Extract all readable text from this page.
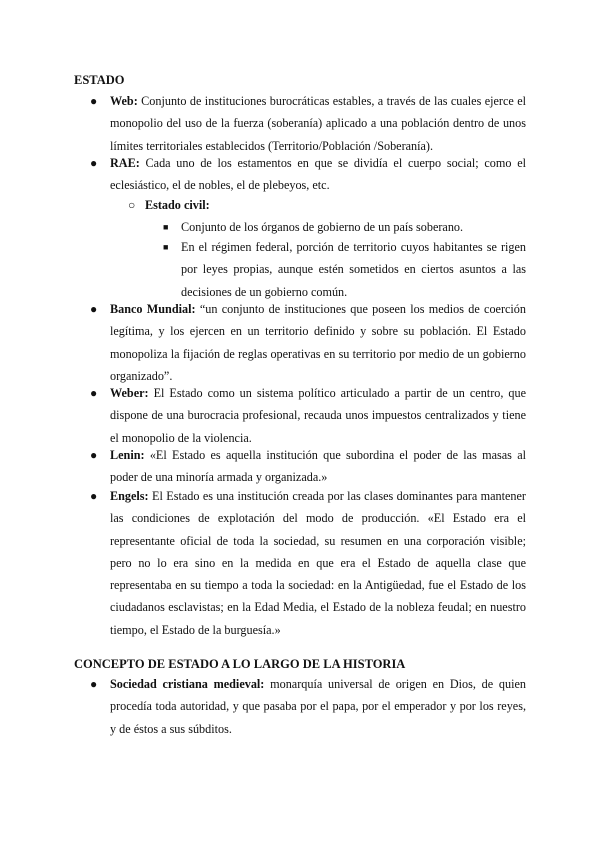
ESTADO
● Web: Conjunto de instituciones burocráticas estables, a través de las cuales ejerce el monopolio del uso de la fuerza (soberanía) aplicado a una población dentro de unos límites territoriales establecidos (Territorio/Población /Soberanía).
● RAE: Cada uno de los estamentos en que se dividía el cuerpo social; como el eclesiástico, el de nobles, el de plebeyos, etc.
○ Estado civil:
■ Conjunto de los órganos de gobierno de un país soberano.
■ En el régimen federal, porción de territorio cuyos habitantes se rigen por leyes propias, aunque estén sometidos en ciertos asuntos a las decisiones de un gobierno común.
● Banco Mundial: “un conjunto de instituciones que poseen los medios de coerción legítima, y los ejercen en un territorio definido y sobre su población. El Estado monopoliza la fijación de reglas operativas en su territorio por medio de un gobierno organizado”.
● Weber: El Estado como un sistema político articulado a partir de un centro, que dispone de una burocracia profesional, recauda unos impuestos centralizados y tiene el monopolio de la violencia.
● Lenin: «El Estado es aquella institución que subordina el poder de las masas al poder de una minoría armada y organizada.»
● Engels: El Estado es una institución creada por las clases dominantes para mantener las condiciones de explotación del modo de producción. «El Estado era el representante oficial de toda la sociedad, su resumen en una corporación visible; pero no lo era sino en la medida en que era el Estado de aquella clase que representaba en su tiempo a toda la sociedad: en la Antigüedad, fue el Estado de los ciudadanos esclavistas; en la Edad Media, el Estado de la nobleza feudal; en nuestro tiempo, el Estado de la burguesía.»
CONCEPTO DE ESTADO A LO LARGO DE LA HISTORIA
● Sociedad cristiana medieval: monarquía universal de origen en Dios, de quien procedía toda autoridad, y que pasaba por el papa, por el emperador y por los reyes, y de éstos a sus súbditos.
